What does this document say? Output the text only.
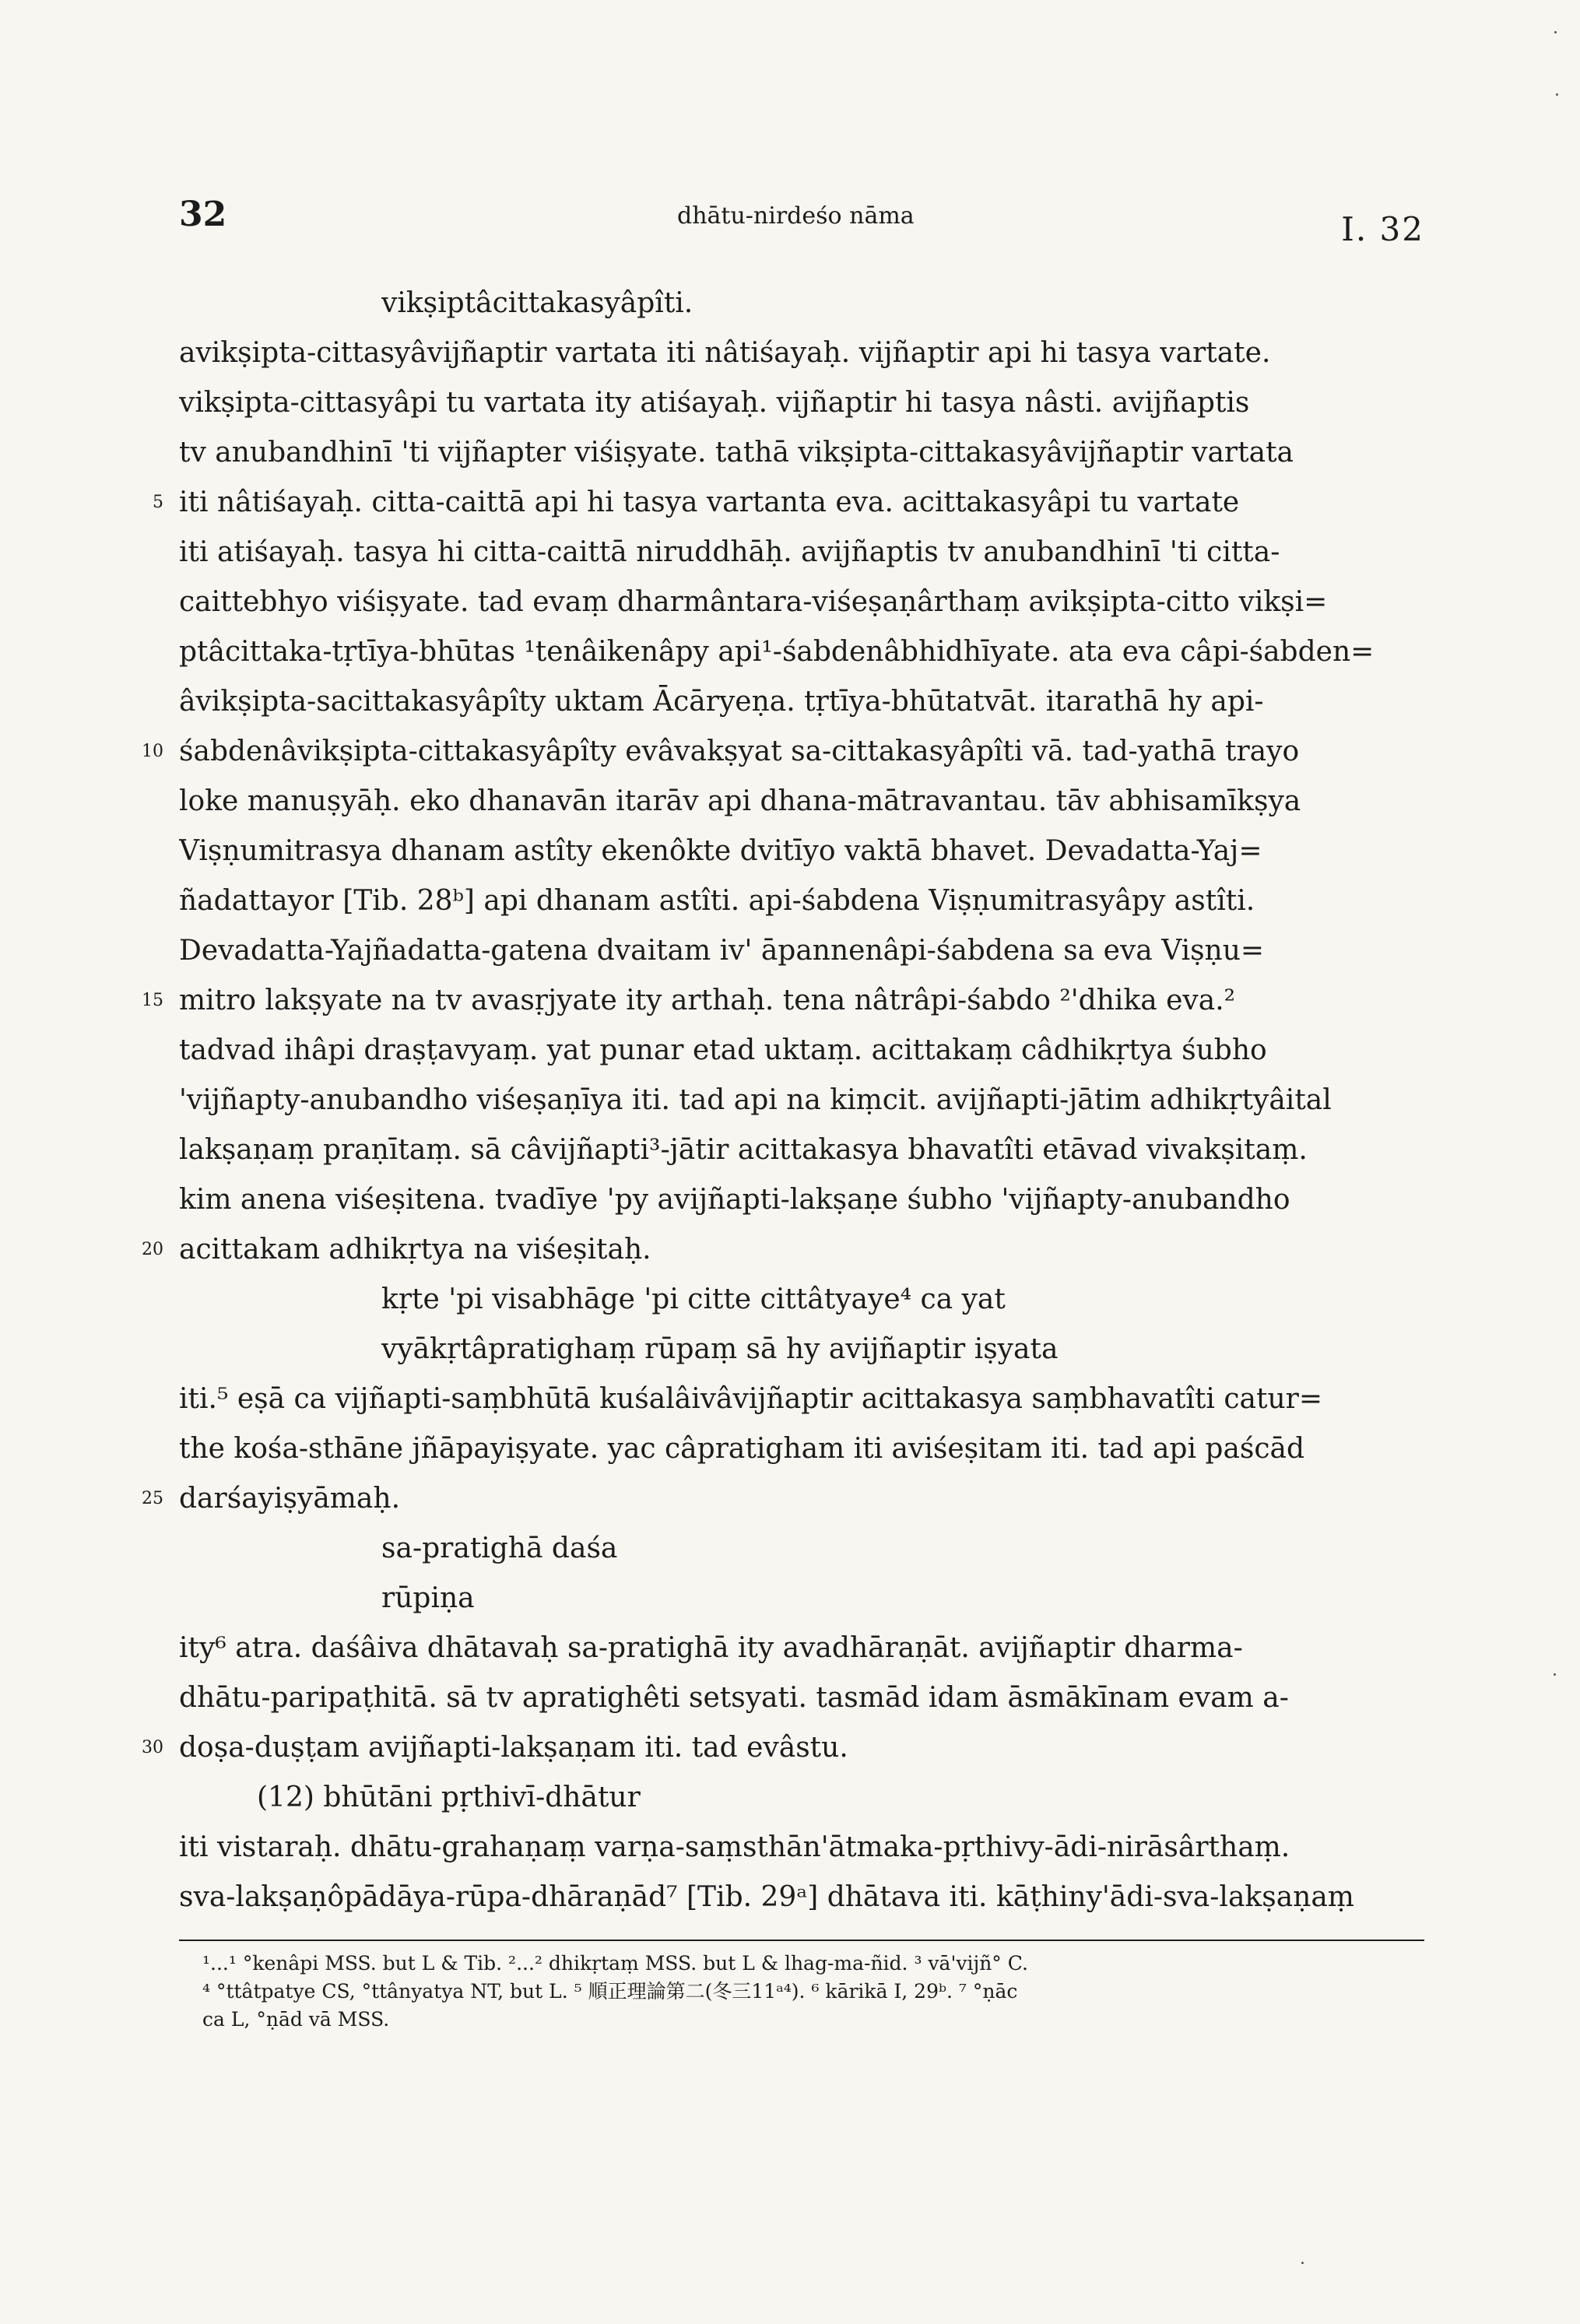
32	dhātu-nirdeśo nāma	I. 32
vikṣiptâcittakasyâpîti.
avikṣipta-cittasyâvijñaptir vartata iti nâtiśayaḥ. vijñaptir api hi tasya vartate.
vikṣipta-cittasyâpi tu vartata ity atiśayaḥ. vijñaptir hi tasya nâsti. avijñaptis
tv anubandhinī 'ti vijñapter viśiṣyate. tathā vikṣipta-cittakasyâvijñaptir vartata
iti nâtiśayaḥ. citta-caittā api hi tasya vartanta eva. acittakasyâpi tu vartate
iti atiśayaḥ. tasya hi citta-caittā niruddhāḥ. avijñaptis tv anubandhinī 'ti citta-
caittebhyo viśiṣyate. tad evaṃ dharmântara-viśeṣaṇârthaṃ avikṣipta-citto vikṣi=
ptâcittaka-tṛtīya-bhūtas ¹tenâikenâpy api¹-śabdenâbhidhīyate. ata eva câpi-śabden=
âvikṣipta-sacittakasyâpîty uktam Ācāryeṇa. tṛtīya-bhūtatvāt. itarathā hy api-
śabdenâvikṣipta-cittakasyâpîty evâvakṣyat sa-cittakasyâpîti vā. tad-yathā trayo
loke manuṣyāḥ. eko dhanavān itarāv api dhana-mātravantau. tāv abhisamīkṣya
Viṣṇumitrasya dhanam astîty ekenôkte dvitīyo vaktā bhavet. Devadatta-Yaj=
ñadattayor [Tib. 28ᵇ] api dhanam astîti. api-śabdena Viṣṇumitrasyâpy astîti.
Devadatta-Yajñadatta-gatena dvaitam iv' āpannenâpi-śabdena sa eva Viṣṇu=
mitro lakṣyate na tv avasṛjyate ity arthaḥ. tena nâtrâpi-śabdo ²'dhika eva.²
tadvad ihâpi draṣṭavyaṃ. yat punar etad uktaṃ. acittakaṃ câdhikṛtya śubho
'vijñapty-anubandho viśeṣaṇīya iti. tad api na kiṃcit. avijñapti-jātim adhikṛtyâital
lakṣaṇaṃ praṇītaṃ. sā câvijñapti³-jātir acittakasya bhavatîti etāvad vivakṣitaṃ.
kim anena viśeṣitena. tvadīye 'py avijñapti-lakṣaṇe śubho 'vijñapty-anubandho
acittakam adhikṛtya na viśeṣitaḥ.
kṛte 'pi visabhāge 'pi citte cittâtyaye⁴ ca yat
vyākṛtâpratighaṃ rūpaṃ sā hy avijñaptir iṣyata
iti.⁵ eṣā ca vijñapti-saṃbhūtā kuśalâivâvijñaptir acittakasya saṃbhavatîti catur=
the kośa-sthāne jñāpayiṣyate. yac câpratigham iti aviśeṣitam iti. tad api paścād
darśayiṣyāmaḥ.
sa-pratighā daśa
rūpiṇa
ity⁶ atra. daśâiva dhātavaḥ sa-pratighā ity avadhāraṇāt. avijñaptir dharma-
dhātu-paripaṭhitā. sā tv apratighêti setsyati. tasmād idam āsmākīnam evam a-
doṣa-duṣṭam avijñapti-lakṣaṇam iti. tad evâstu.
(12) bhūtāni pṛthivī-dhātur
iti vistaraḥ. dhātu-grahaṇaṃ varṇa-saṃsthān'ātmaka-pṛthivy-ādi-nirāsârthaṃ.
sva-lakṣaṇôpādāya-rūpa-dhāraṇād⁷ [Tib. 29ᵃ] dhātava iti. kāṭhiny'ādi-sva-lakṣaṇaṃ
5
10
15
20
25
30
¹...¹ °kenâpi MSS. but L & Tib. ²...² dhikṛtaṃ MSS. but L & lhag-ma-ñid. ³ vā'vijñ° C.
⁴ °ttâtpatye CS, °ttânyatya NT, but L. ⁵ 順正理論第二(冬三11ᵃ⁴). ⁶ kārikā I, 29ᵇ. ⁷ °ṇāc
ca L, °ṇād vā MSS.
